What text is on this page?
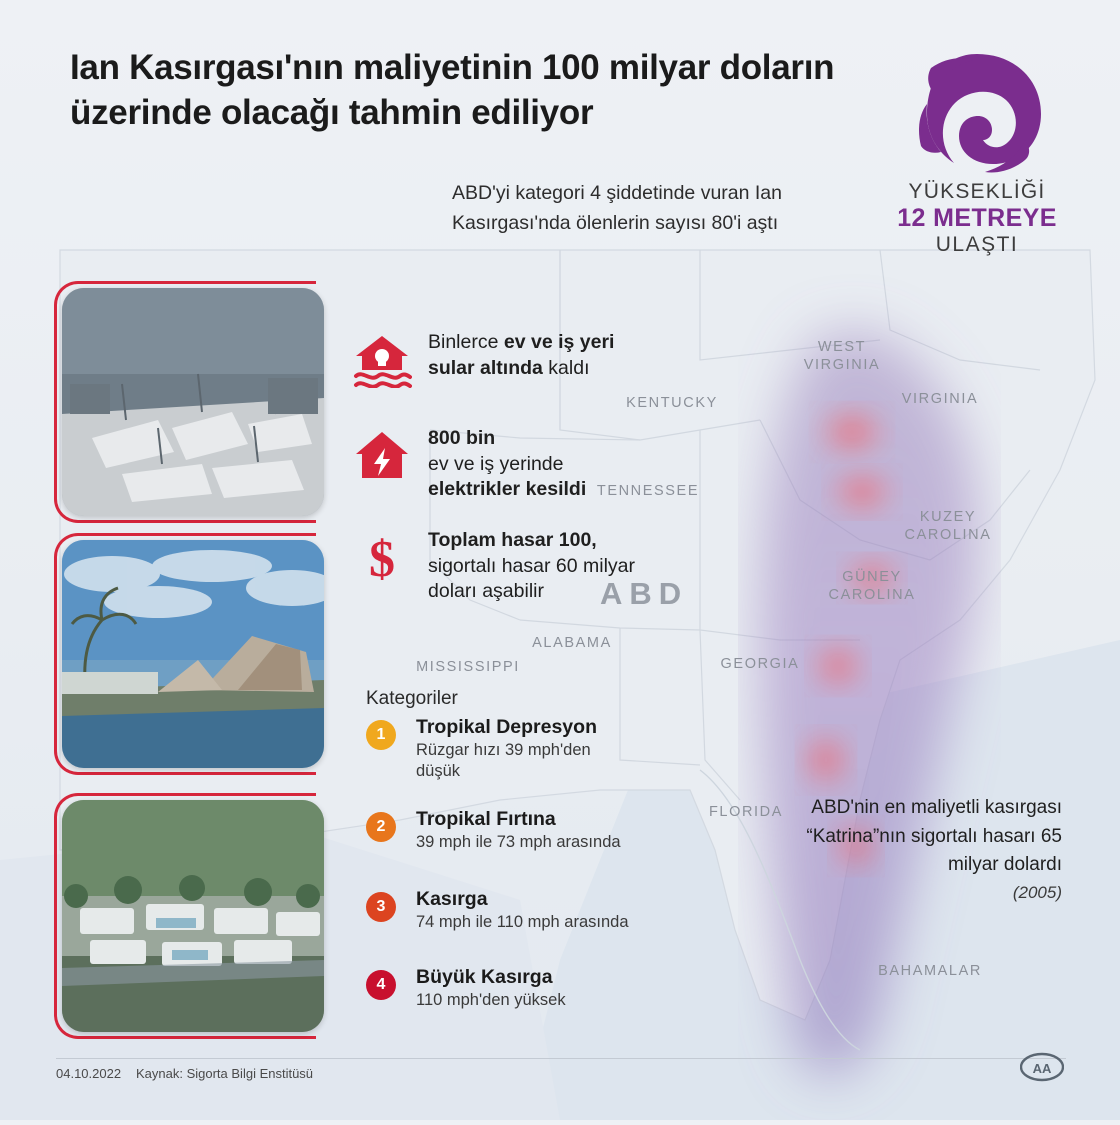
Ian Kasırgası'nın maliyetinin 100 milyar doların üzerinde olacağı tahmin ediliyor
ABD'yi kategori 4 şiddetinde vuran Ian Kasırgası'nda ölenlerin sayısı 80'i aştı
YÜKSEKLİĞİ
12 METREYE
ULAŞTI
Binlerce ev ve iş yeri sular altında kaldı
800 bin
ev ve iş yerinde
elektrikler kesildi
$ Toplam hasar 100, sigortalı hasar 60 milyar doları aşabilir
Kategoriler
1	Tropikal Depresyon
Rüzgar hızı 39 mph'den düşük
2	Tropikal Fırtına
39 mph ile 73 mph arasında
3	Kasırga
74 mph ile 110 mph arasında
4	Büyük Kasırga
110 mph'den yüksek
ABD
WEST VIRGINIA
VIRGINIA
KENTUCKY
TENNESSEE
KUZEY CAROLINA
GÜNEY CAROLINA
ALABAMA
MISSISSIPPI	GEORGIA
FLORIDA
BAHAMALAR
ABD'nin en maliyetli kasırgası “Katrina”nın sigortalı hasarı 65 milyar dolardı
(2005)
04.10.2022 Kaynak: Sigorta Bilgi Enstitüsü	AA
